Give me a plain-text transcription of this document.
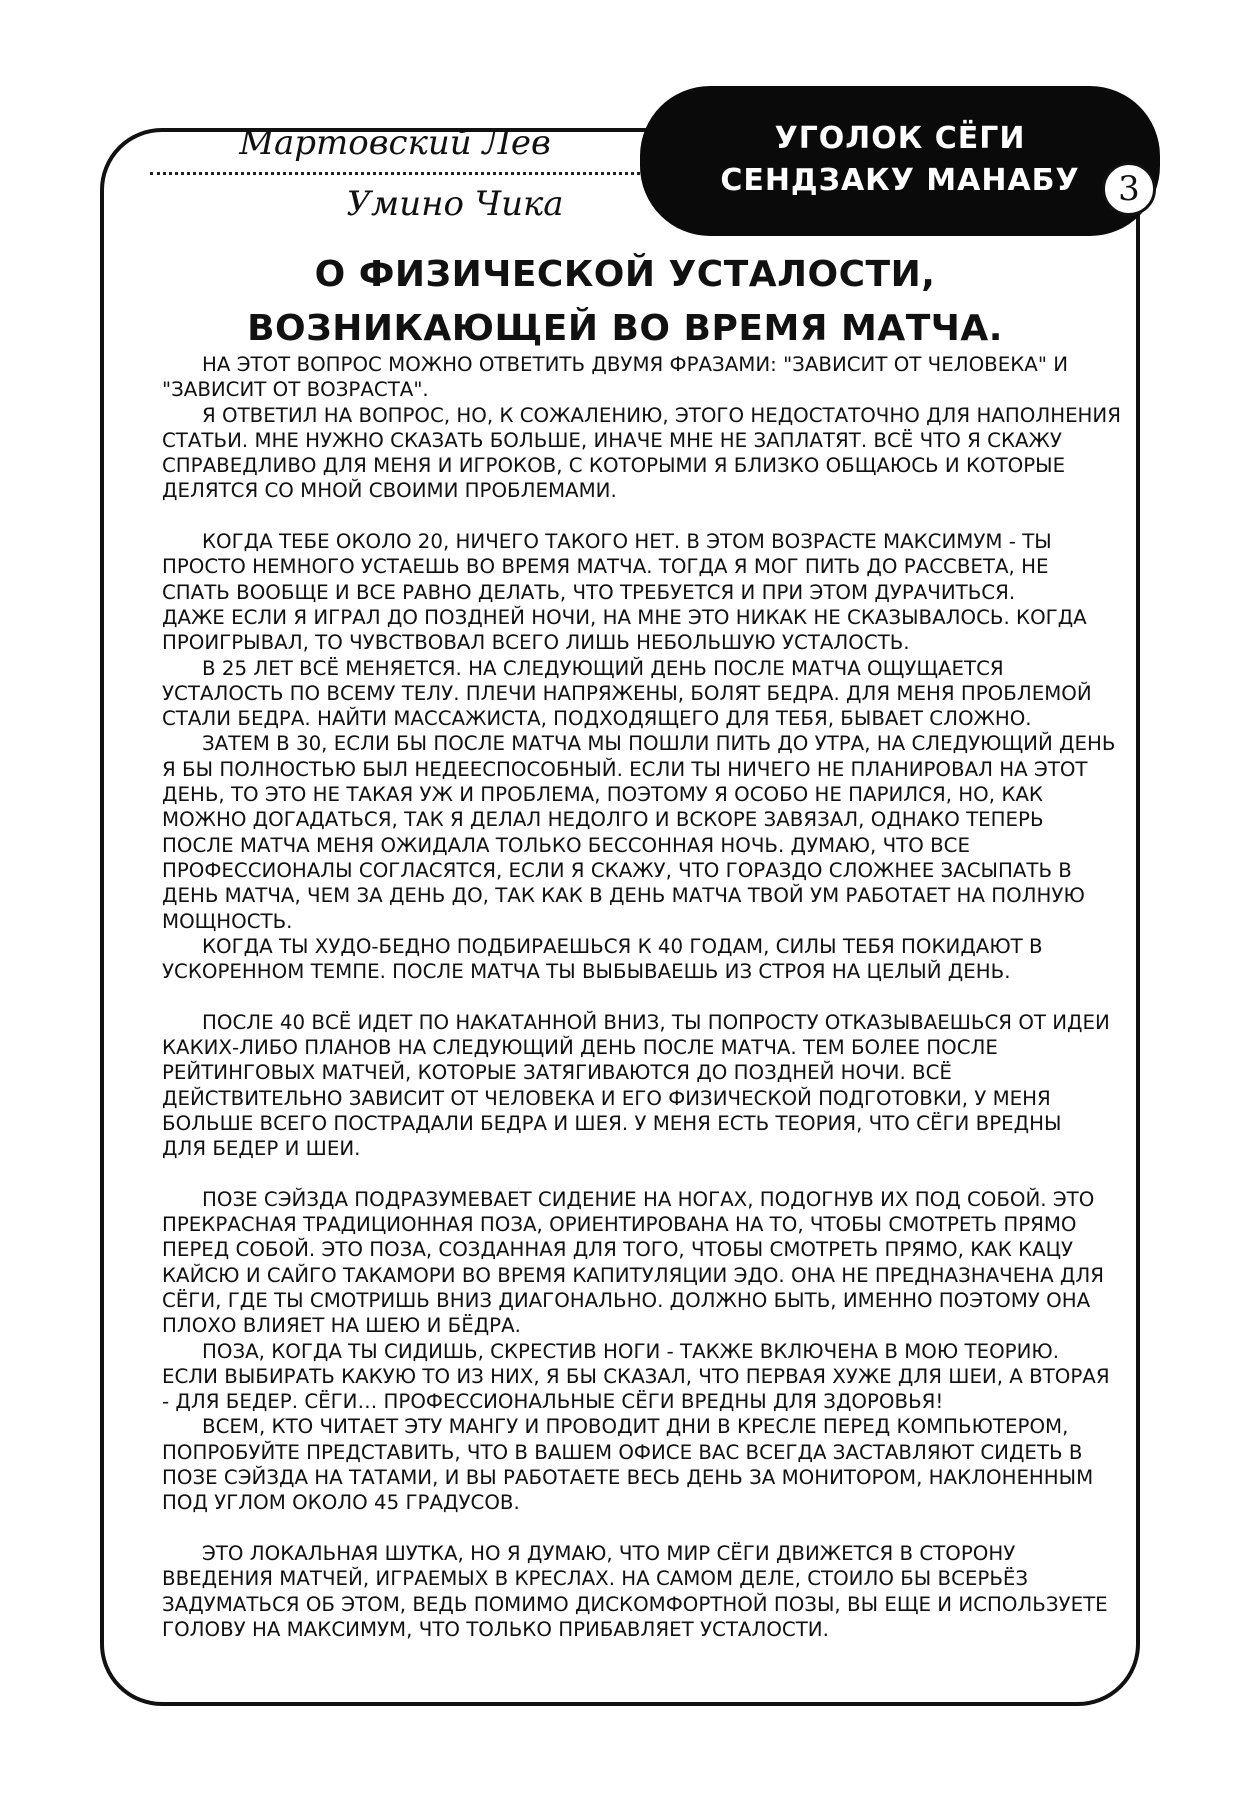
УГОЛОК СЁГИ
СЕНДЗАКУ МАНАБУ	3
Мартовский Лев
Умино Чика
О ФИЗИЧЕСКОЙ УСТАЛОСТИ,
ВОЗНИКАЮЩЕЙ ВО ВРЕМЯ МАТЧА.
НА ЭТОТ ВОПРОС МОЖНО ОТВЕТИТЬ ДВУМЯ ФРАЗАМИ: "ЗАВИСИТ ОТ ЧЕЛОВЕКА" И
"ЗАВИСИТ ОТ ВОЗРАСТА".
Я ОТВЕТИЛ НА ВОПРОС, НО, К СОЖАЛЕНИЮ, ЭТОГО НЕДОСТАТОЧНО ДЛЯ НАПОЛНЕНИЯ
СТАТЬИ. МНЕ НУЖНО СКАЗАТЬ БОЛЬШЕ, ИНАЧЕ МНЕ НЕ ЗАПЛАТЯТ. ВСЁ ЧТО Я СКАЖУ
СПРАВЕДЛИВО ДЛЯ МЕНЯ И ИГРОКОВ, С КОТОРЫМИ Я БЛИЗКО ОБЩАЮСЬ И КОТОРЫЕ
ДЕЛЯТСЯ СО МНОЙ СВОИМИ ПРОБЛЕМАМИ.
КОГДА ТЕБЕ ОКОЛО 20, НИЧЕГО ТАКОГО НЕТ. В ЭТОМ ВОЗРАСТЕ МАКСИМУМ - ТЫ
ПРОСТО НЕМНОГО УСТАЕШЬ ВО ВРЕМЯ МАТЧА. ТОГДА Я МОГ ПИТЬ ДО РАССВЕТА, НЕ
СПАТЬ ВООБЩЕ И ВСЕ РАВНО ДЕЛАТЬ, ЧТО ТРЕБУЕТСЯ И ПРИ ЭТОМ ДУРАЧИТЬСЯ.
ДАЖЕ ЕСЛИ Я ИГРАЛ ДО ПОЗДНЕЙ НОЧИ, НА МНЕ ЭТО НИКАК НЕ СКАЗЫВАЛОСЬ. КОГДА
ПРОИГРЫВАЛ, ТО ЧУВСТВОВАЛ ВСЕГО ЛИШЬ НЕБОЛЬШУЮ УСТАЛОСТЬ.
В 25 ЛЕТ ВСЁ МЕНЯЕТСЯ. НА СЛЕДУЮЩИЙ ДЕНЬ ПОСЛЕ МАТЧА ОЩУЩАЕТСЯ
УСТАЛОСТЬ ПО ВСЕМУ ТЕЛУ. ПЛЕЧИ НАПРЯЖЕНЫ, БОЛЯТ БЕДРА. ДЛЯ МЕНЯ ПРОБЛЕМОЙ
СТАЛИ БЕДРА. НАЙТИ МАССАЖИСТА, ПОДХОДЯЩЕГО ДЛЯ ТЕБЯ, БЫВАЕТ СЛОЖНО.
ЗАТЕМ В 30, ЕСЛИ БЫ ПОСЛЕ МАТЧА МЫ ПОШЛИ ПИТЬ ДО УТРА, НА СЛЕДУЮЩИЙ ДЕНЬ
Я БЫ ПОЛНОСТЬЮ БЫЛ НЕДЕЕСПОСОБНЫЙ. ЕСЛИ ТЫ НИЧЕГО НЕ ПЛАНИРОВАЛ НА ЭТОТ
ДЕНЬ, ТО ЭТО НЕ ТАКАЯ УЖ И ПРОБЛЕМА, ПОЭТОМУ Я ОСОБО НЕ ПАРИЛСЯ, НО, КАК
МОЖНО ДОГАДАТЬСЯ, ТАК Я ДЕЛАЛ НЕДОЛГО И ВСКОРЕ ЗАВЯЗАЛ, ОДНАКО ТЕПЕРЬ
ПОСЛЕ МАТЧА МЕНЯ ОЖИДАЛА ТОЛЬКО БЕССОННАЯ НОЧЬ. ДУМАЮ, ЧТО ВСЕ
ПРОФЕССИОНАЛЫ СОГЛАСЯТСЯ, ЕСЛИ Я СКАЖУ, ЧТО ГОРАЗДО СЛОЖНЕЕ ЗАСЫПАТЬ В
ДЕНЬ МАТЧА, ЧЕМ ЗА ДЕНЬ ДО, ТАК КАК В ДЕНЬ МАТЧА ТВОЙ УМ РАБОТАЕТ НА ПОЛНУЮ
МОЩНОСТЬ.
КОГДА ТЫ ХУДО-БЕДНО ПОДБИРАЕШЬСЯ К 40 ГОДАМ, СИЛЫ ТЕБЯ ПОКИДАЮТ В
УСКОРЕННОМ ТЕМПЕ. ПОСЛЕ МАТЧА ТЫ ВЫБЫВАЕШЬ ИЗ СТРОЯ НА ЦЕЛЫЙ ДЕНЬ.
ПОСЛЕ 40 ВСЁ ИДЕТ ПО НАКАТАННОЙ ВНИЗ, ТЫ ПОПРОСТУ ОТКАЗЫВАЕШЬСЯ ОТ ИДЕИ
КАКИХ-ЛИБО ПЛАНОВ НА СЛЕДУЮЩИЙ ДЕНЬ ПОСЛЕ МАТЧА. ТЕМ БОЛЕЕ ПОСЛЕ
РЕЙТИНГОВЫХ МАТЧЕЙ, КОТОРЫЕ ЗАТЯГИВАЮТСЯ ДО ПОЗДНЕЙ НОЧИ. ВСЁ
ДЕЙСТВИТЕЛЬНО ЗАВИСИТ ОТ ЧЕЛОВЕКА И ЕГО ФИЗИЧЕСКОЙ ПОДГОТОВКИ, У МЕНЯ
БОЛЬШЕ ВСЕГО ПОСТРАДАЛИ БЕДРА И ШЕЯ. У МЕНЯ ЕСТЬ ТЕОРИЯ, ЧТО СЁГИ ВРЕДНЫ
ДЛЯ БЕДЕР И ШЕИ.
ПОЗЕ СЭЙЗДА ПОДРАЗУМЕВАЕТ СИДЕНИЕ НА НОГАХ, ПОДОГНУВ ИХ ПОД СОБОЙ. ЭТО
ПРЕКРАСНАЯ ТРАДИЦИОННАЯ ПОЗА, ОРИЕНТИРОВАНА НА ТО, ЧТОБЫ СМОТРЕТЬ ПРЯМО
ПЕРЕД СОБОЙ. ЭТО ПОЗА, СОЗДАННАЯ ДЛЯ ТОГО, ЧТОБЫ СМОТРЕТЬ ПРЯМО, КАК КАЦУ
КАЙСЮ И САЙГО ТАКАМОРИ ВО ВРЕМЯ КАПИТУЛЯЦИИ ЭДО. ОНА НЕ ПРЕДНАЗНАЧЕНА ДЛЯ
СЁГИ, ГДЕ ТЫ СМОТРИШЬ ВНИЗ ДИАГОНАЛЬНО. ДОЛЖНО БЫТЬ, ИМЕННО ПОЭТОМУ ОНА
ПЛОХО ВЛИЯЕТ НА ШЕЮ И БЁДРА.
ПОЗА, КОГДА ТЫ СИДИШЬ, СКРЕСТИВ НОГИ - ТАКЖЕ ВКЛЮЧЕНА В МОЮ ТЕОРИЮ.
ЕСЛИ ВЫБИРАТЬ КАКУЮ ТО ИЗ НИХ, Я БЫ СКАЗАЛ, ЧТО ПЕРВАЯ ХУЖЕ ДЛЯ ШЕИ, А ВТОРАЯ
- ДЛЯ БЕДЕР. СЁГИ… ПРОФЕССИОНАЛЬНЫЕ СЁГИ ВРЕДНЫ ДЛЯ ЗДОРОВЬЯ!
ВСЕМ, КТО ЧИТАЕТ ЭТУ МАНГУ И ПРОВОДИТ ДНИ В КРЕСЛЕ ПЕРЕД КОМПЬЮТЕРОМ,
ПОПРОБУЙТЕ ПРЕДСТАВИТЬ, ЧТО В ВАШЕМ ОФИСЕ ВАС ВСЕГДА ЗАСТАВЛЯЮТ СИДЕТЬ В
ПОЗЕ СЭЙЗДА НА ТАТАМИ, И ВЫ РАБОТАЕТЕ ВЕСЬ ДЕНЬ ЗА МОНИТОРОМ, НАКЛОНЕННЫМ
ПОД УГЛОМ ОКОЛО 45 ГРАДУСОВ.
ЭТО ЛОКАЛЬНАЯ ШУТКА, НО Я ДУМАЮ, ЧТО МИР СЁГИ ДВИЖЕТСЯ В СТОРОНУ
ВВЕДЕНИЯ МАТЧЕЙ, ИГРАЕМЫХ В КРЕСЛАХ. НА САМОМ ДЕЛЕ, СТОИЛО БЫ ВСЕРЬЁЗ
ЗАДУМАТЬСЯ ОБ ЭТОМ, ВЕДЬ ПОМИМО ДИСКОМФОРТНОЙ ПОЗЫ, ВЫ ЕЩЕ И ИСПОЛЬЗУЕТЕ
ГОЛОВУ НА МАКСИМУМ, ЧТО ТОЛЬКО ПРИБАВЛЯЕТ УСТАЛОСТИ.
